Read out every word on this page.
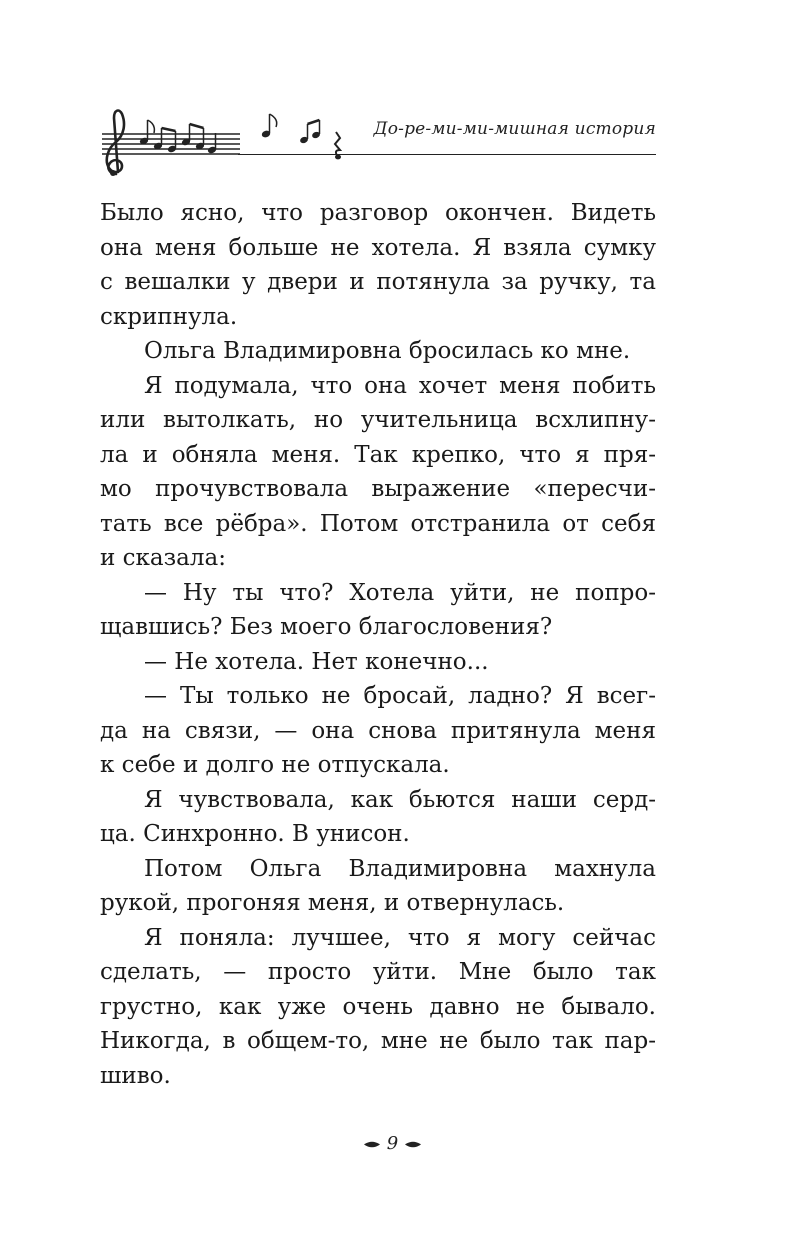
До-ре-ми-ми-мишная история
Было ясно, что разговор окончен. Видеть
она меня больше не хотела. Я взяла сумку
с вешалки у двери и потянула за ручку, та
скрипнула.
Ольга Владимировна бросилась ко мне.
Я подумала, что она хочет меня побить
или вытолкать, но учительница всхлипну-
ла и обняла меня. Так крепко, что я пря-
мо прочувствовала выражение «пересчи-
тать все рёбра». Потом отстранила от себя
и сказала:
— Ну ты что? Хотела уйти, не попро-
щавшись? Без моего благословения?
— Не хотела. Нет конечно...
— Ты только не бросай, ладно? Я всег-
да на связи, — она снова притянула меня
к себе и долго не отпускала.
Я чувствовала, как бьются наши серд-
ца. Синхронно. В унисон.
Потом Ольга Владимировна махнула
рукой, прогоняя меня, и отвернулась.
Я поняла: лучшее, что я могу сейчас
сделать, — просто уйти. Мне было так
грустно, как уже очень давно не бывало.
Никогда, в общем-то, мне не было так пар-
шиво.
9
